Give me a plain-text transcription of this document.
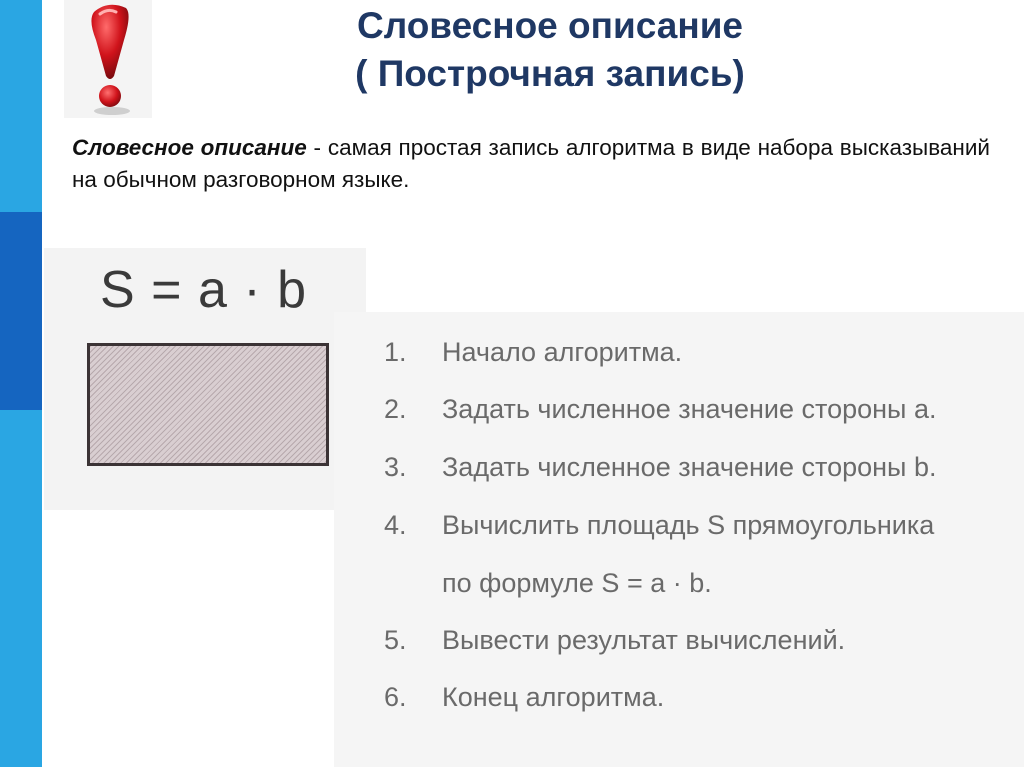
Словесное описание
( Построчная запись)
Словесное описание - самая простая запись алгоритма в виде набора высказываний на обычном разговорном языке.
S = a · b
1. Начало алгоритма.
2. Задать численное значение стороны a.
3. Задать численное значение стороны b.
4. Вычислить площадь S прямоугольника
по формуле S = a · b.
5. Вывести результат вычислений.
6. Конец алгоритма.
